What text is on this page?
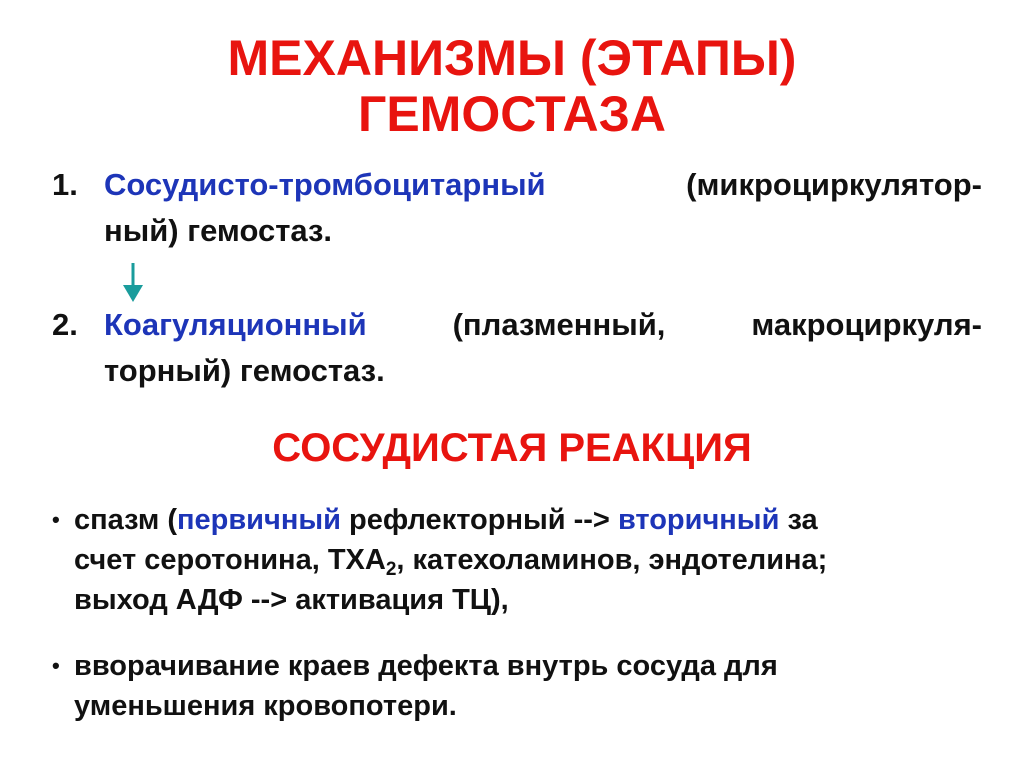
МЕХАНИЗМЫ (ЭТАПЫ)
ГЕМОСТАЗА
1. Сосудисто-тромбоцитарный	(микроциркулятор-
ный) гемостаз.
2. Коагуляционный	(плазменный,	макроциркуля-
торный) гемостаз.
СОСУДИСТАЯ РЕАКЦИЯ
• спазм (первичный рефлекторный --> вторичный за
счет серотонина, $ТХА_2$, катехоламинов, эндотелина;
выход АДФ --> активация ТЦ),
• вворачивание краев дефекта внутрь сосуда для
уменьшения кровопотери.
